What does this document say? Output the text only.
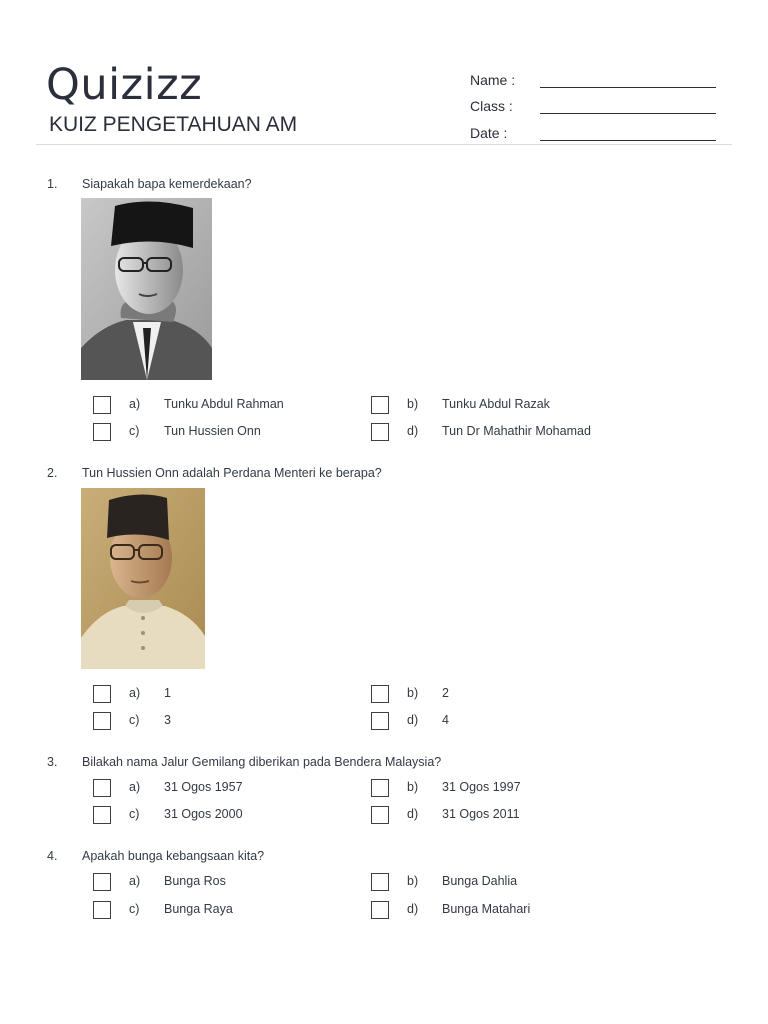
Quizizz
KUIZ PENGETAHUAN AM
Name :
Class :
Date :
1. Siapakah bapa kemerdekaan?
a) Tunku Abdul Rahman	b) Tunku Abdul Razak
c) Tun Hussien Onn	d) Tun Dr Mahathir Mohamad
2. Tun Hussien Onn adalah Perdana Menteri ke berapa?
a) 1	b) 2
c) 3	d) 4
3. Bilakah nama Jalur Gemilang diberikan pada Bendera Malaysia?
a) 31 Ogos 1957	b) 31 Ogos 1997
c) 31 Ogos 2000	d) 31 Ogos 2011
4. Apakah bunga kebangsaan kita?
a) Bunga Ros	b) Bunga Dahlia
c) Bunga Raya	d) Bunga Matahari
